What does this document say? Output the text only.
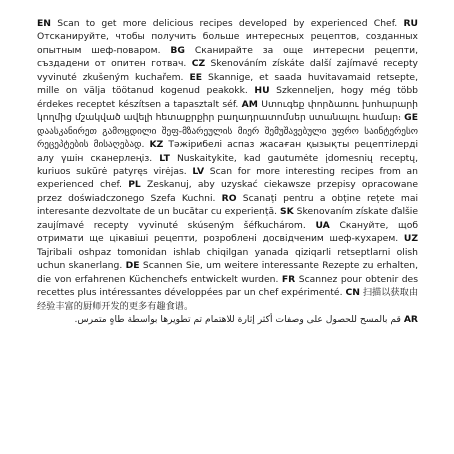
EN Scan to get more delicious recipes developed by experienced Chef. RU Отсканируйте, чтобы получить больше интересных рецептов, созданных опытным шеф-поваром. BG Сканирайте за още интересни рецепти, създадени от опитен готвач. CZ Skenováním získáte další zajímavé recepty vyvinuté zkušeným kuchařem. EE Skannige, et saada huvitavamaid retsepte, mille on välja töötanud kogenud peakokk. HU Szkenneljen, hogy még több érdekes receptet készítsen a tapasztalt séf. AM Ստուգեք փորձառու խոհարարի կողմից մշակված ավելի հետաքրքիր բաղադրատոմսեր ստանալու համար։ GE დაასკანირეთ გამოცდილი შეფ-მზარეულის მიერ შემუშავებული უფრო საინტერესო რეცეპტების მისაღებად. KZ Тәжірибелі аспаз жасаған қызықты рецептілерді алу үшін сканерлеңіз. LT Nuskaitykite, kad gautumėte įdomesnių receptų, kuriuos sukūrė patyręs virėjas. LV Scan for more interesting recipes from an experienced chef. PL Zeskanuj, aby uzyskać ciekawsze przepisy opracowane przez doświadczonego Szefa Kuchni. RO Scanați pentru a obține rețete mai interesante dezvoltate de un bucătar cu experiență. SK Skenovaním získate ďalšie zaujímavé recepty vyvinuté skúseným šéfkuchárom. UA Скануйте, щоб отримати ще цікавіші рецепти, розроблені досвідченим шеф-кухарем. UZ Tajribali oshpaz tomonidan ishlab chiqilgan yanada qiziqarli retseptlarni olish uchun skanerlang. DE Scannen Sie, um weitere interessante Rezepte zu erhalten, die von erfahrenen Küchenchefs entwickelt wurden. FR Scannez pour obtenir des recettes plus intéressantes développées par un chef expérimenté. CN 扫描以获取由经验丰富的厨师开发的更多有趣食谱。
AR قم بالمسح للحصول على وصفات أكثر إثارة للاهتمام تم تطويرها بواسطة طاهٍ متمرس.
